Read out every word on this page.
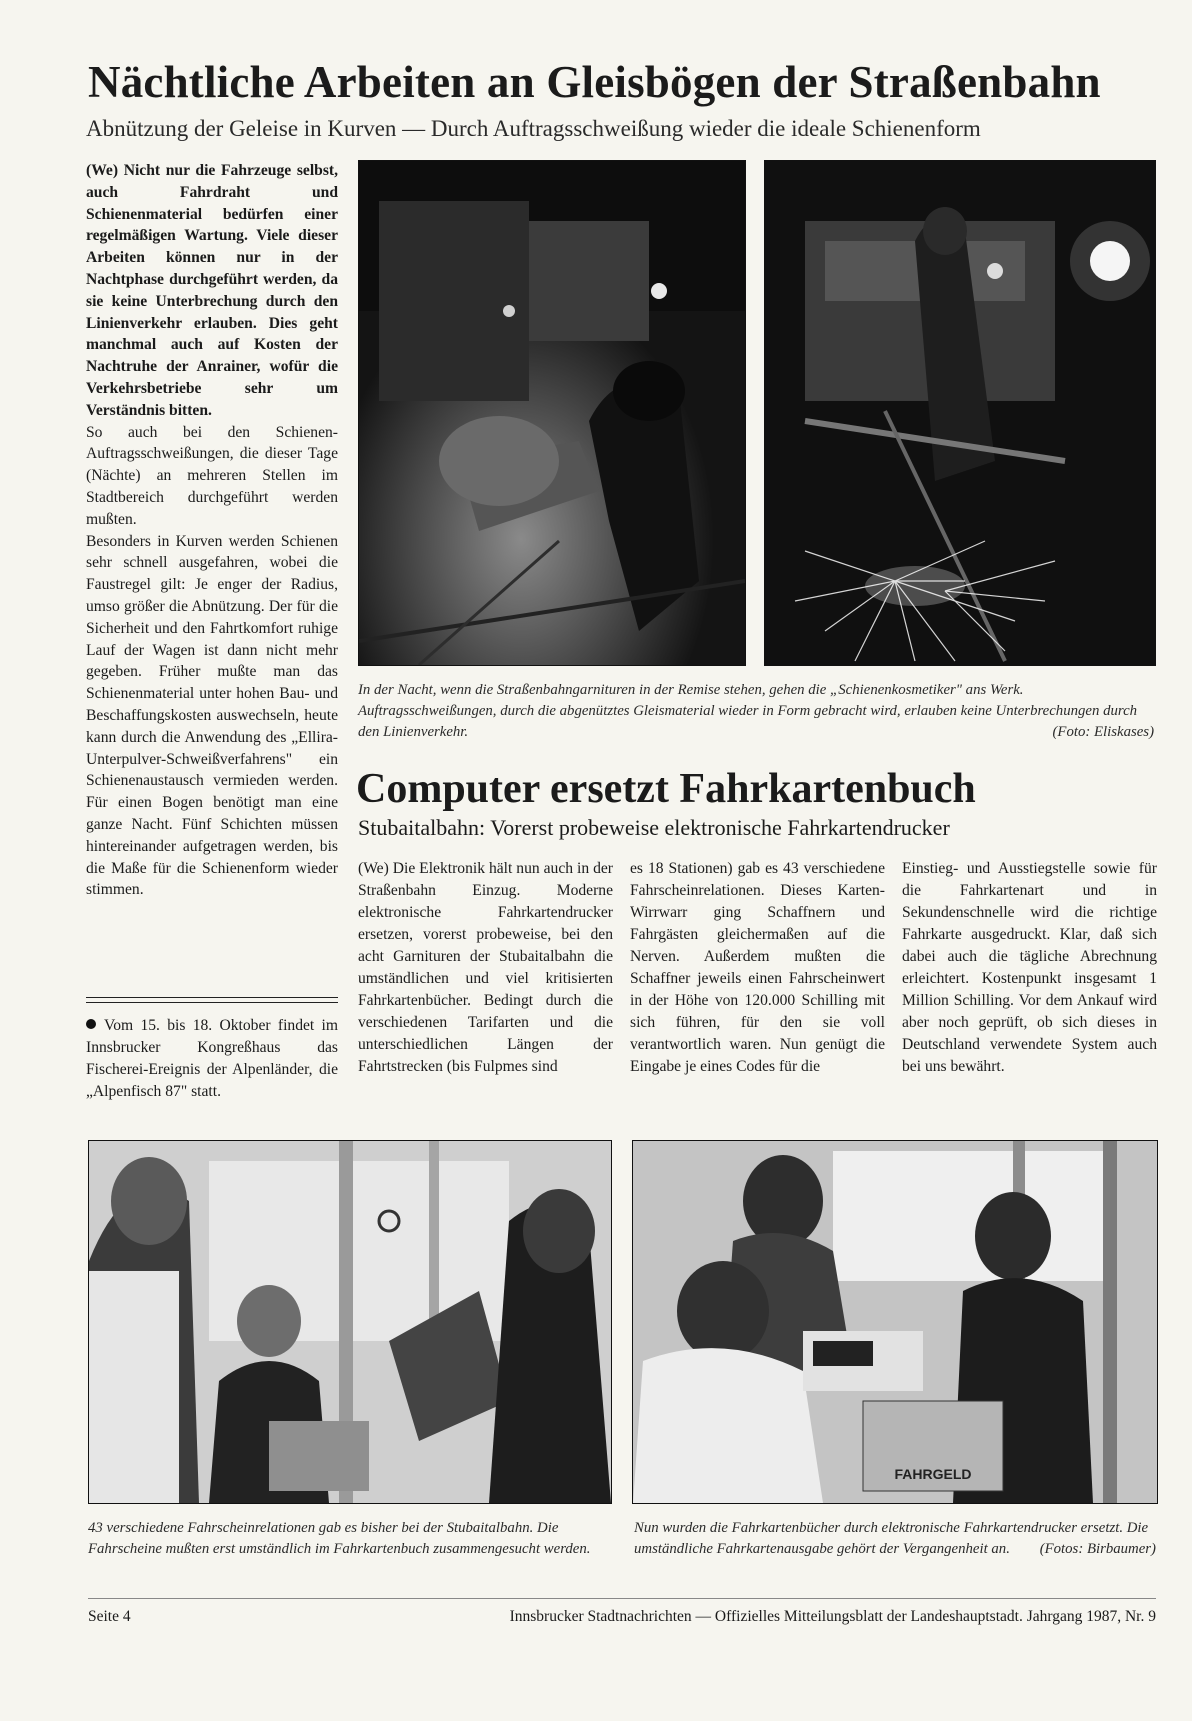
Nächtliche Arbeiten an Gleisbögen der Straßenbahn
Abnützung der Geleise in Kurven — Durch Auftragsschweißung wieder die ideale Schienenform

(We) Nicht nur die Fahrzeuge selbst, auch Fahrdraht und Schienenmaterial bedürfen einer regelmäßigen Wartung. Viele dieser Arbeiten können nur in der Nachtphase durchgeführt werden, da sie keine Unterbrechung durch den Linienverkehr erlauben. Dies geht manchmal auch auf Kosten der Nachtruhe der Anrainer, wofür die Verkehrsbetriebe sehr um Verständnis bitten.

So auch bei den Schienen-Auftragsschweißungen, die dieser Tage (Nächte) an mehreren Stellen im Stadtbereich durchgeführt werden mußten.

Besonders in Kurven werden Schienen sehr schnell ausgefahren, wobei die Faustregel gilt: Je enger der Radius, umso größer die Abnützung. Der für die Sicherheit und den Fahrtkomfort ruhige Lauf der Wagen ist dann nicht mehr gegeben. Früher mußte man das Schienenmaterial unter hohen Bau- und Beschaffungskosten auswechseln, heute kann durch die Anwendung des „Ellira-Unterpulver-Schweißverfahrens" ein Schienenaustausch vermieden werden. Für einen Bogen benötigt man eine ganze Nacht. Fünf Schichten müssen hintereinander aufgetragen werden, bis die Maße für die Schienenform wieder stimmen.

Vom 15. bis 18. Oktober findet im Innsbrucker Kongreßhaus das Fischerei-Ereignis der Alpenländer, die „Alpenfisch 87" statt.
In der Nacht, wenn die Straßenbahngarnituren in der Remise stehen, gehen die „Schienenkosmetiker" ans Werk. Auftragsschweißungen, durch die abgenütztes Gleismaterial wieder in Form gebracht wird, erlauben keine Unterbrechungen durch den Linienverkehr.	(Foto: Eliskases)
Computer ersetzt Fahrkartenbuch
Stubaitalbahn: Vorerst probeweise elektronische Fahrkartendrucker

(We) Die Elektronik hält nun auch in der Straßenbahn Einzug. Moderne elektronische Fahrkartendrucker ersetzen, vorerst probeweise, bei den acht Garnituren der Stubaitalbahn die umständlichen und viel kritisierten Fahrkartenbücher. Bedingt durch die verschiedenen Tarifarten und die unterschiedlichen Längen der Fahrtstrecken (bis Fulpmes sind

es 18 Stationen) gab es 43 verschiedene Fahrscheinrelationen. Dieses Karten-Wirrwarr ging Schaffnern und Fahrgästen gleichermaßen auf die Nerven. Außerdem mußten die Schaffner jeweils einen Fahrscheinwert in der Höhe von 120.000 Schilling mit sich führen, für den sie voll verantwortlich waren. Nun genügt die Eingabe je eines Codes für die

Einstieg- und Ausstiegstelle sowie für die Fahrkartenart und in Sekundenschnelle wird die richtige Fahrkarte ausgedruckt. Klar, daß sich dabei auch die tägliche Abrechnung erleichtert. Kostenpunkt insgesamt 1 Million Schilling. Vor dem Ankauf wird aber noch geprüft, ob sich dieses in Deutschland verwendete System auch bei uns bewährt.

FAHRGELD
43 verschiedene Fahrscheinrelationen gab es bisher bei der Stubaitalbahn. Die Fahrscheine mußten erst umständlich im Fahrkartenbuch zusammengesucht werden.
Nun wurden die Fahrkartenbücher durch elektronische Fahrkartendrucker ersetzt. Die umständliche Fahrkartenausgabe gehört der Vergangenheit an. (Fotos: Birbaumer)
Seite 4	Innsbrucker Stadtnachrichten — Offizielles Mitteilungsblatt der Landeshauptstadt. Jahrgang 1987, Nr. 9
